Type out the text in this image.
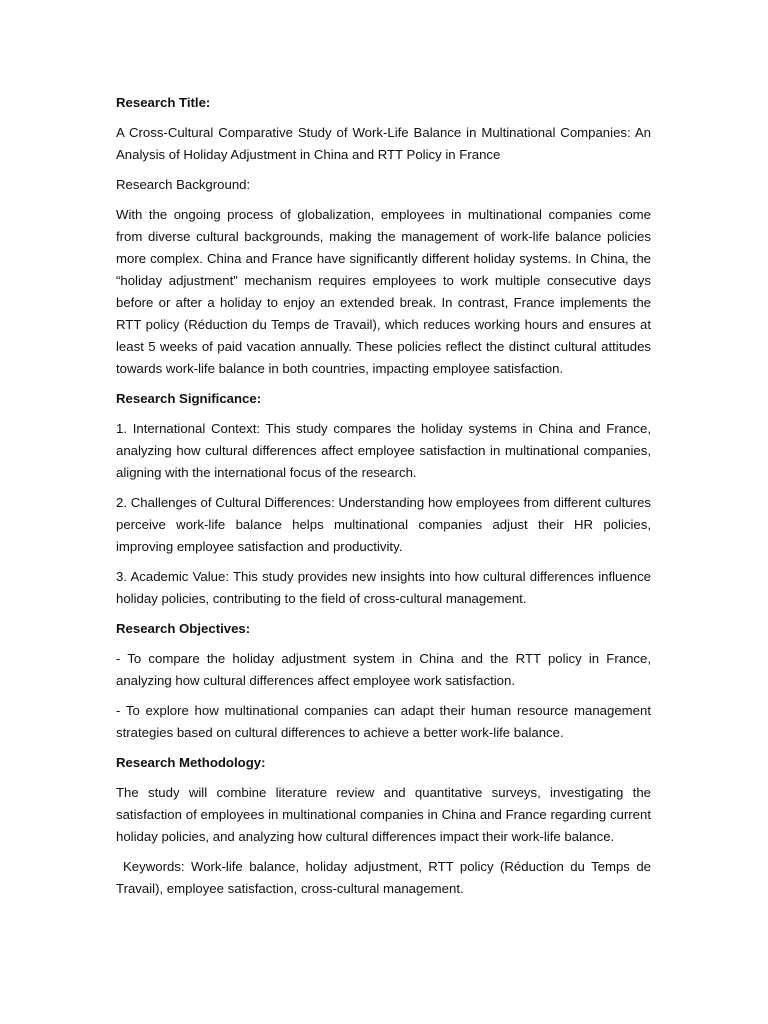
Research Title:

A Cross-Cultural Comparative Study of Work-Life Balance in Multinational Companies: An Analysis of Holiday Adjustment in China and RTT Policy in France

Research Background:

With the ongoing process of globalization, employees in multinational companies come from diverse cultural backgrounds, making the management of work-life balance policies more complex. China and France have significantly different holiday systems. In China, the “holiday adjustment” mechanism requires employees to work multiple consecutive days before or after a holiday to enjoy an extended break. In contrast, France implements the RTT policy (Réduction du Temps de Travail), which reduces working hours and ensures at least 5 weeks of paid vacation annually. These policies reflect the distinct cultural attitudes towards work-life balance in both countries, impacting employee satisfaction.

Research Significance:

1. International Context: This study compares the holiday systems in China and France, analyzing how cultural differences affect employee satisfaction in multinational companies, aligning with the international focus of the research.

2. Challenges of Cultural Differences: Understanding how employees from different cultures perceive work-life balance helps multinational companies adjust their HR policies, improving employee satisfaction and productivity.

3. Academic Value: This study provides new insights into how cultural differences influence holiday policies, contributing to the field of cross-cultural management.

Research Objectives:

- To compare the holiday adjustment system in China and the RTT policy in France, analyzing how cultural differences affect employee work satisfaction.

- To explore how multinational companies can adapt their human resource management strategies based on cultural differences to achieve a better work-life balance.

Research Methodology:

The study will combine literature review and quantitative surveys, investigating the satisfaction of employees in multinational companies in China and France regarding current holiday policies, and analyzing how cultural differences impact their work-life balance.

Keywords: Work-life balance, holiday adjustment, RTT policy (Réduction du Temps de Travail), employee satisfaction, cross-cultural management.
